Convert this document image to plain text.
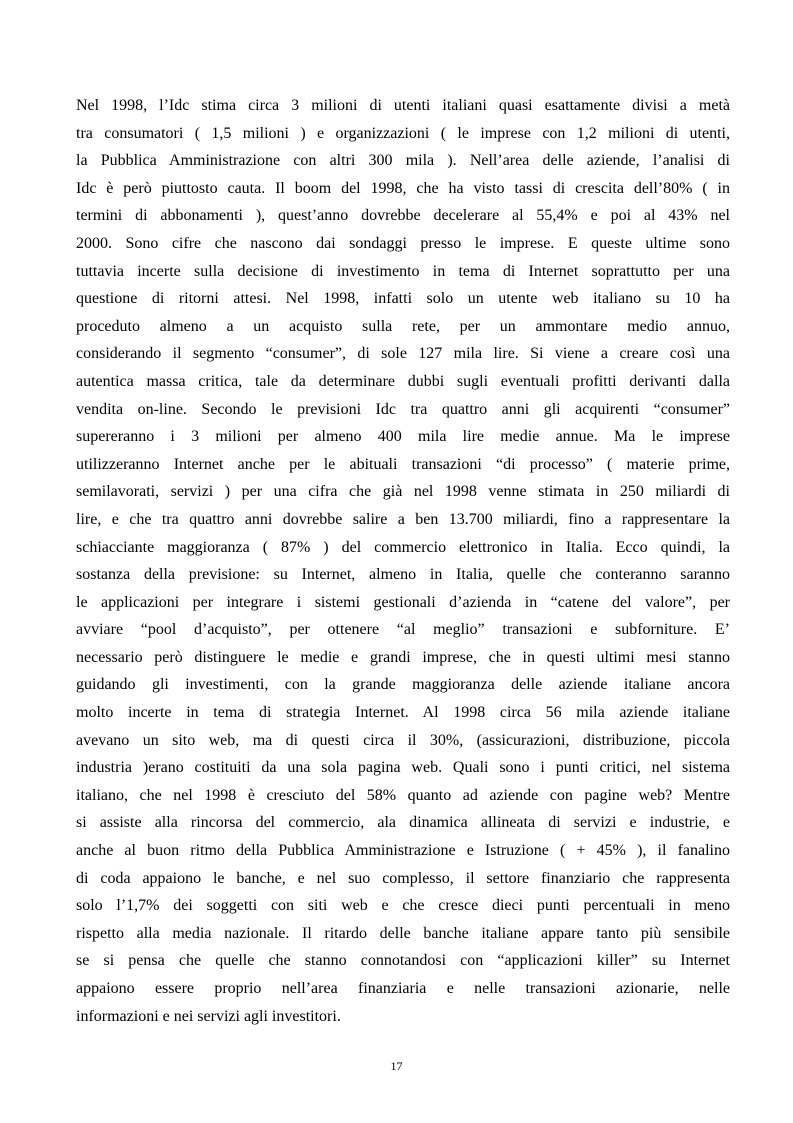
Nel 1998, l’Idc stima circa 3 milioni di utenti italiani quasi esattamente divisi a metà
tra consumatori ( 1,5 milioni ) e organizzazioni ( le imprese con 1,2 milioni di utenti,
la Pubblica Amministrazione con altri 300 mila ). Nell’area delle aziende, l’analisi di
Idc è però piuttosto cauta. Il boom del 1998, che ha visto tassi di crescita dell’80% ( in
termini di abbonamenti ), quest’anno dovrebbe decelerare al 55,4% e poi al 43% nel
2000. Sono cifre che nascono dai sondaggi presso le imprese. E queste ultime sono
tuttavia incerte sulla decisione di investimento in tema di Internet soprattutto per una
questione di ritorni attesi. Nel 1998, infatti solo un utente web italiano su 10 ha
proceduto almeno a un acquisto sulla rete, per un ammontare medio annuo,
considerando il segmento “consumer”, di sole 127 mila lire. Si viene a creare così una
autentica massa critica, tale da determinare dubbi sugli eventuali profitti derivanti dalla
vendita on-line. Secondo le previsioni Idc tra quattro anni gli acquirenti “consumer”
supereranno i 3 milioni per almeno 400 mila lire medie annue. Ma le imprese
utilizzeranno Internet anche per le abituali transazioni “di processo” ( materie prime,
semilavorati, servizi ) per una cifra che già nel 1998 venne stimata in 250 miliardi di
lire, e che tra quattro anni dovrebbe salire a ben 13.700 miliardi, fino a rappresentare la
schiacciante maggioranza ( 87% ) del commercio elettronico in Italia. Ecco quindi, la
sostanza della previsione: su Internet, almeno in Italia, quelle che conteranno saranno
le applicazioni per integrare i sistemi gestionali d’azienda in “catene del valore”, per
avviare “pool d’acquisto”, per ottenere “al meglio” transazioni e subforniture. E’
necessario però distinguere le medie e grandi imprese, che in questi ultimi mesi stanno
guidando gli investimenti, con la grande maggioranza delle aziende italiane ancora
molto incerte in tema di strategia Internet. Al 1998 circa 56 mila aziende italiane
avevano un sito web, ma di questi circa il 30%, (assicurazioni, distribuzione, piccola
industria )erano costituiti da una sola pagina web. Quali sono i punti critici, nel sistema
italiano, che nel 1998 è cresciuto del 58% quanto ad aziende con pagine web? Mentre
si assiste alla rincorsa del commercio, ala dinamica allineata di servizi e industrie, e
anche al buon ritmo della Pubblica Amministrazione e Istruzione ( + 45% ), il fanalino
di coda appaiono le banche, e nel suo complesso, il settore finanziario che rappresenta
solo l’1,7% dei soggetti con siti web e che cresce dieci punti percentuali in meno
rispetto alla media nazionale. Il ritardo delle banche italiane appare tanto più sensibile
se si pensa che quelle che stanno connotandosi con “applicazioni killer” su Internet
appaiono essere proprio nell’area finanziaria e nelle transazioni azionarie, nelle
informazioni e nei servizi agli investitori.
17
